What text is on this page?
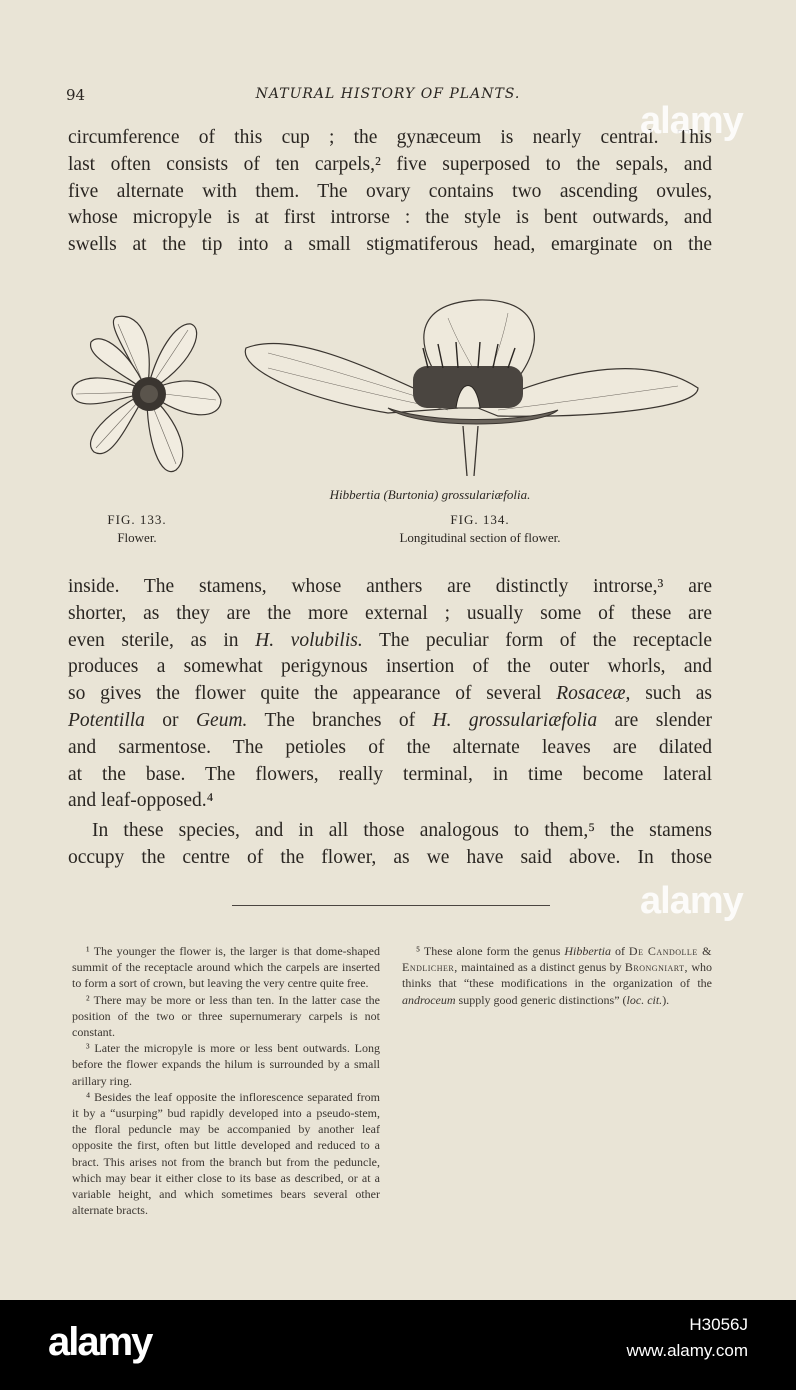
94	NATURAL HISTORY OF PLANTS.
circumference of this cup ; the gynæceum is nearly central. This
last often consists of ten carpels,² five superposed to the sepals, and
five alternate with them. The ovary contains two ascending ovules,
whose micropyle is at first introrse : the style is bent outwards, and
swells at the tip into a small stigmatiferous head, emarginate on the
Hibbertia (Burtonia) grossulariæfolia.
FIG. 133.
Flower.
FIG. 134.
Longitudinal section of flower.
inside. The stamens, whose anthers are distinctly introrse,³ are
shorter, as they are the more external ; usually some of these are
even sterile, as in H. volubilis. The peculiar form of the receptacle
produces a somewhat perigynous insertion of the outer whorls, and
so gives the flower quite the appearance of several Rosaceæ, such as
Potentilla or Geum. The branches of H. grossulariæfolia are slender
and sarmentose. The petioles of the alternate leaves are dilated
at the base. The flowers, really terminal, in time become lateral
and leaf-opposed.⁴
In these species, and in all those analogous to them,⁵ the stamens
occupy the centre of the flower, as we have said above. In those

¹ The younger the flower is, the larger is that dome-shaped summit of the receptacle around which the carpels are inserted to form a sort of crown, but leaving the very centre quite free.

² There may be more or less than ten. In the latter case the position of the two or three supernumerary carpels is not constant.

³ Later the micropyle is more or less bent outwards. Long before the flower expands the hilum is surrounded by a small arillary ring.

⁴ Besides the leaf opposite the inflorescence separated from it by a “usurping” bud rapidly developed into a pseudo-stem, the floral peduncle may be accompanied by another leaf opposite the first, often but little developed and reduced to a bract. This arises not from the branch but from the peduncle, which may bear it either close to its base as described, or at a variable height, and which sometimes bears several other alternate bracts.

⁵ These alone form the genus Hibbertia of De Candolle & Endlicher, maintained as a distinct genus by Brongniart, who thinks that “these modifications in the organization of the androceum supply good generic distinctions” (loc. cit.).

alamy
alamy
alamy	H3056J
www.alamy.com
